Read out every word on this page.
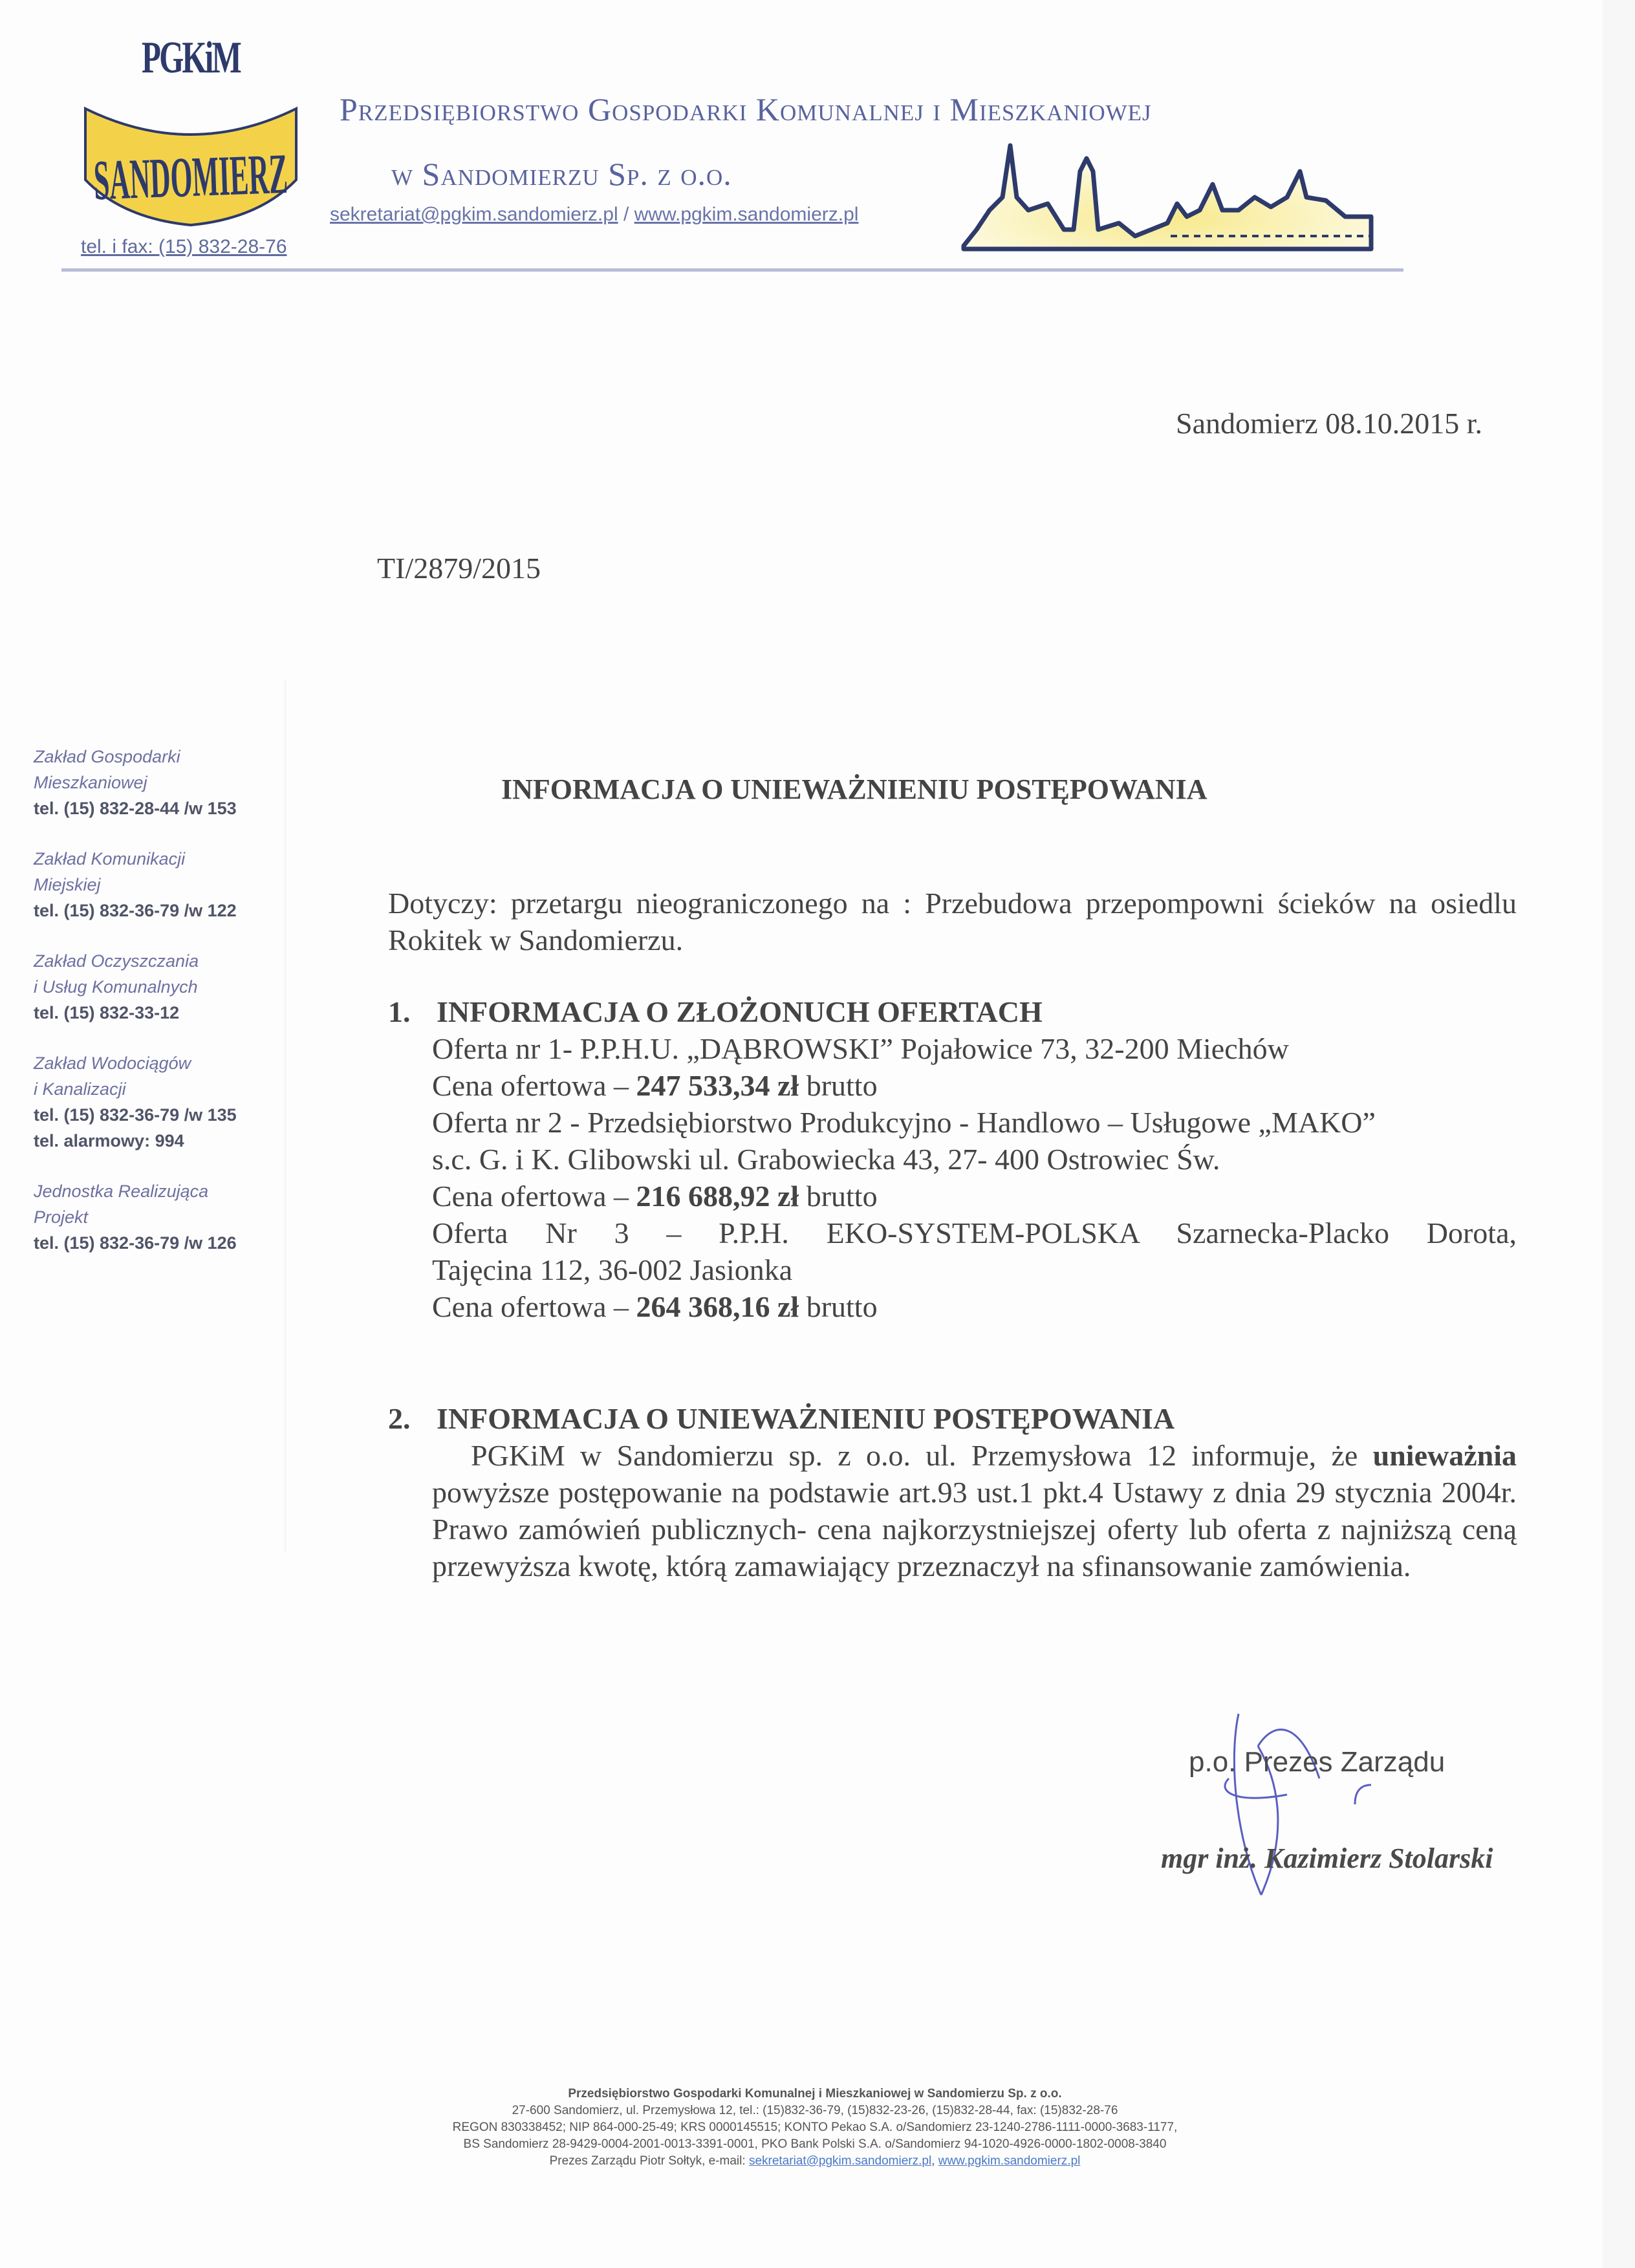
PGKiM
Przedsiębiorstwo Gospodarki Komunalnej i Mieszkaniowej
w Sandomierzu Sp. z o.o.
sekretariat@pgkim.sandomierz.pl / www.pgkim.sandomierz.pl
tel. i fax: (15) 832-28-76
Zakład Gospodarki
Mieszkaniowej
tel. (15) 832-28-44 /w 153
Zakład Komunikacji
Miejskiej
tel. (15) 832-36-79 /w 122
Zakład Oczyszczania
i Usług Komunalnych
tel. (15) 832-33-12
Zakład Wodociągów
i Kanalizacji
tel. (15) 832-36-79 /w 135
tel. alarmowy: 994
Jednostka Realizująca
Projekt
tel. (15) 832-36-79 /w 126
Sandomierz 08.10.2015 r.
TI/2879/2015
INFORMACJA O UNIEWAŻNIENIU POSTĘPOWANIA
Dotyczy: przetargu nieograniczonego na : Przebudowa przepompowni ścieków na osiedlu Rokitek w Sandomierzu.
1. INFORMACJA O ZŁOŻONUCH OFERTACH
Oferta nr 1- P.P.H.U. „DĄBROWSKI” Pojałowice 73, 32-200 Miechów
Cena ofertowa – 247 533,34 zł brutto
Oferta nr 2 - Przedsiębiorstwo Produkcyjno - Handlowo – Usługowe „MAKO”
s.c. G. i K. Glibowski ul. Grabowiecka 43, 27- 400 Ostrowiec Św.
Cena ofertowa – 216 688,92 zł brutto
Oferta Nr 3 – P.P.H. EKO-SYSTEM-POLSKA Szarnecka-Placko Dorota,
Tajęcina 112, 36-002 Jasionka
Cena ofertowa – 264 368,16 zł brutto
2. INFORMACJA O UNIEWAŻNIENIU POSTĘPOWANIA
PGKiM w Sandomierzu sp. z o.o. ul. Przemysłowa 12 informuje, że unieważnia powyższe postępowanie na podstawie art.93 ust.1 pkt.4 Ustawy z dnia 29 stycznia 2004r. Prawo zamówień publicznych- cena najkorzystniejszej oferty lub oferta z najniższą ceną przewyższa kwotę, którą zamawiający przeznaczył na sfinansowanie zamówienia.
p.o. Prezes Zarządu
mgr inż. Kazimierz Stolarski
Przedsiębiorstwo Gospodarki Komunalnej i Mieszkaniowej w Sandomierzu Sp. z o.o.
27-600 Sandomierz, ul. Przemysłowa 12, tel.: (15)832-36-79, (15)832-23-26, (15)832-28-44, fax: (15)832-28-76
REGON 830338452; NIP 864-000-25-49; KRS 0000145515; KONTO Pekao S.A. o/Sandomierz 23-1240-2786-1111-0000-3683-1177,
BS Sandomierz 28-9429-0004-2001-0013-3391-0001, PKO Bank Polski S.A. o/Sandomierz 94-1020-4926-0000-1802-0008-3840
Prezes Zarządu Piotr Sołtyk, e-mail: sekretariat@pgkim.sandomierz.pl, www.pgkim.sandomierz.pl
